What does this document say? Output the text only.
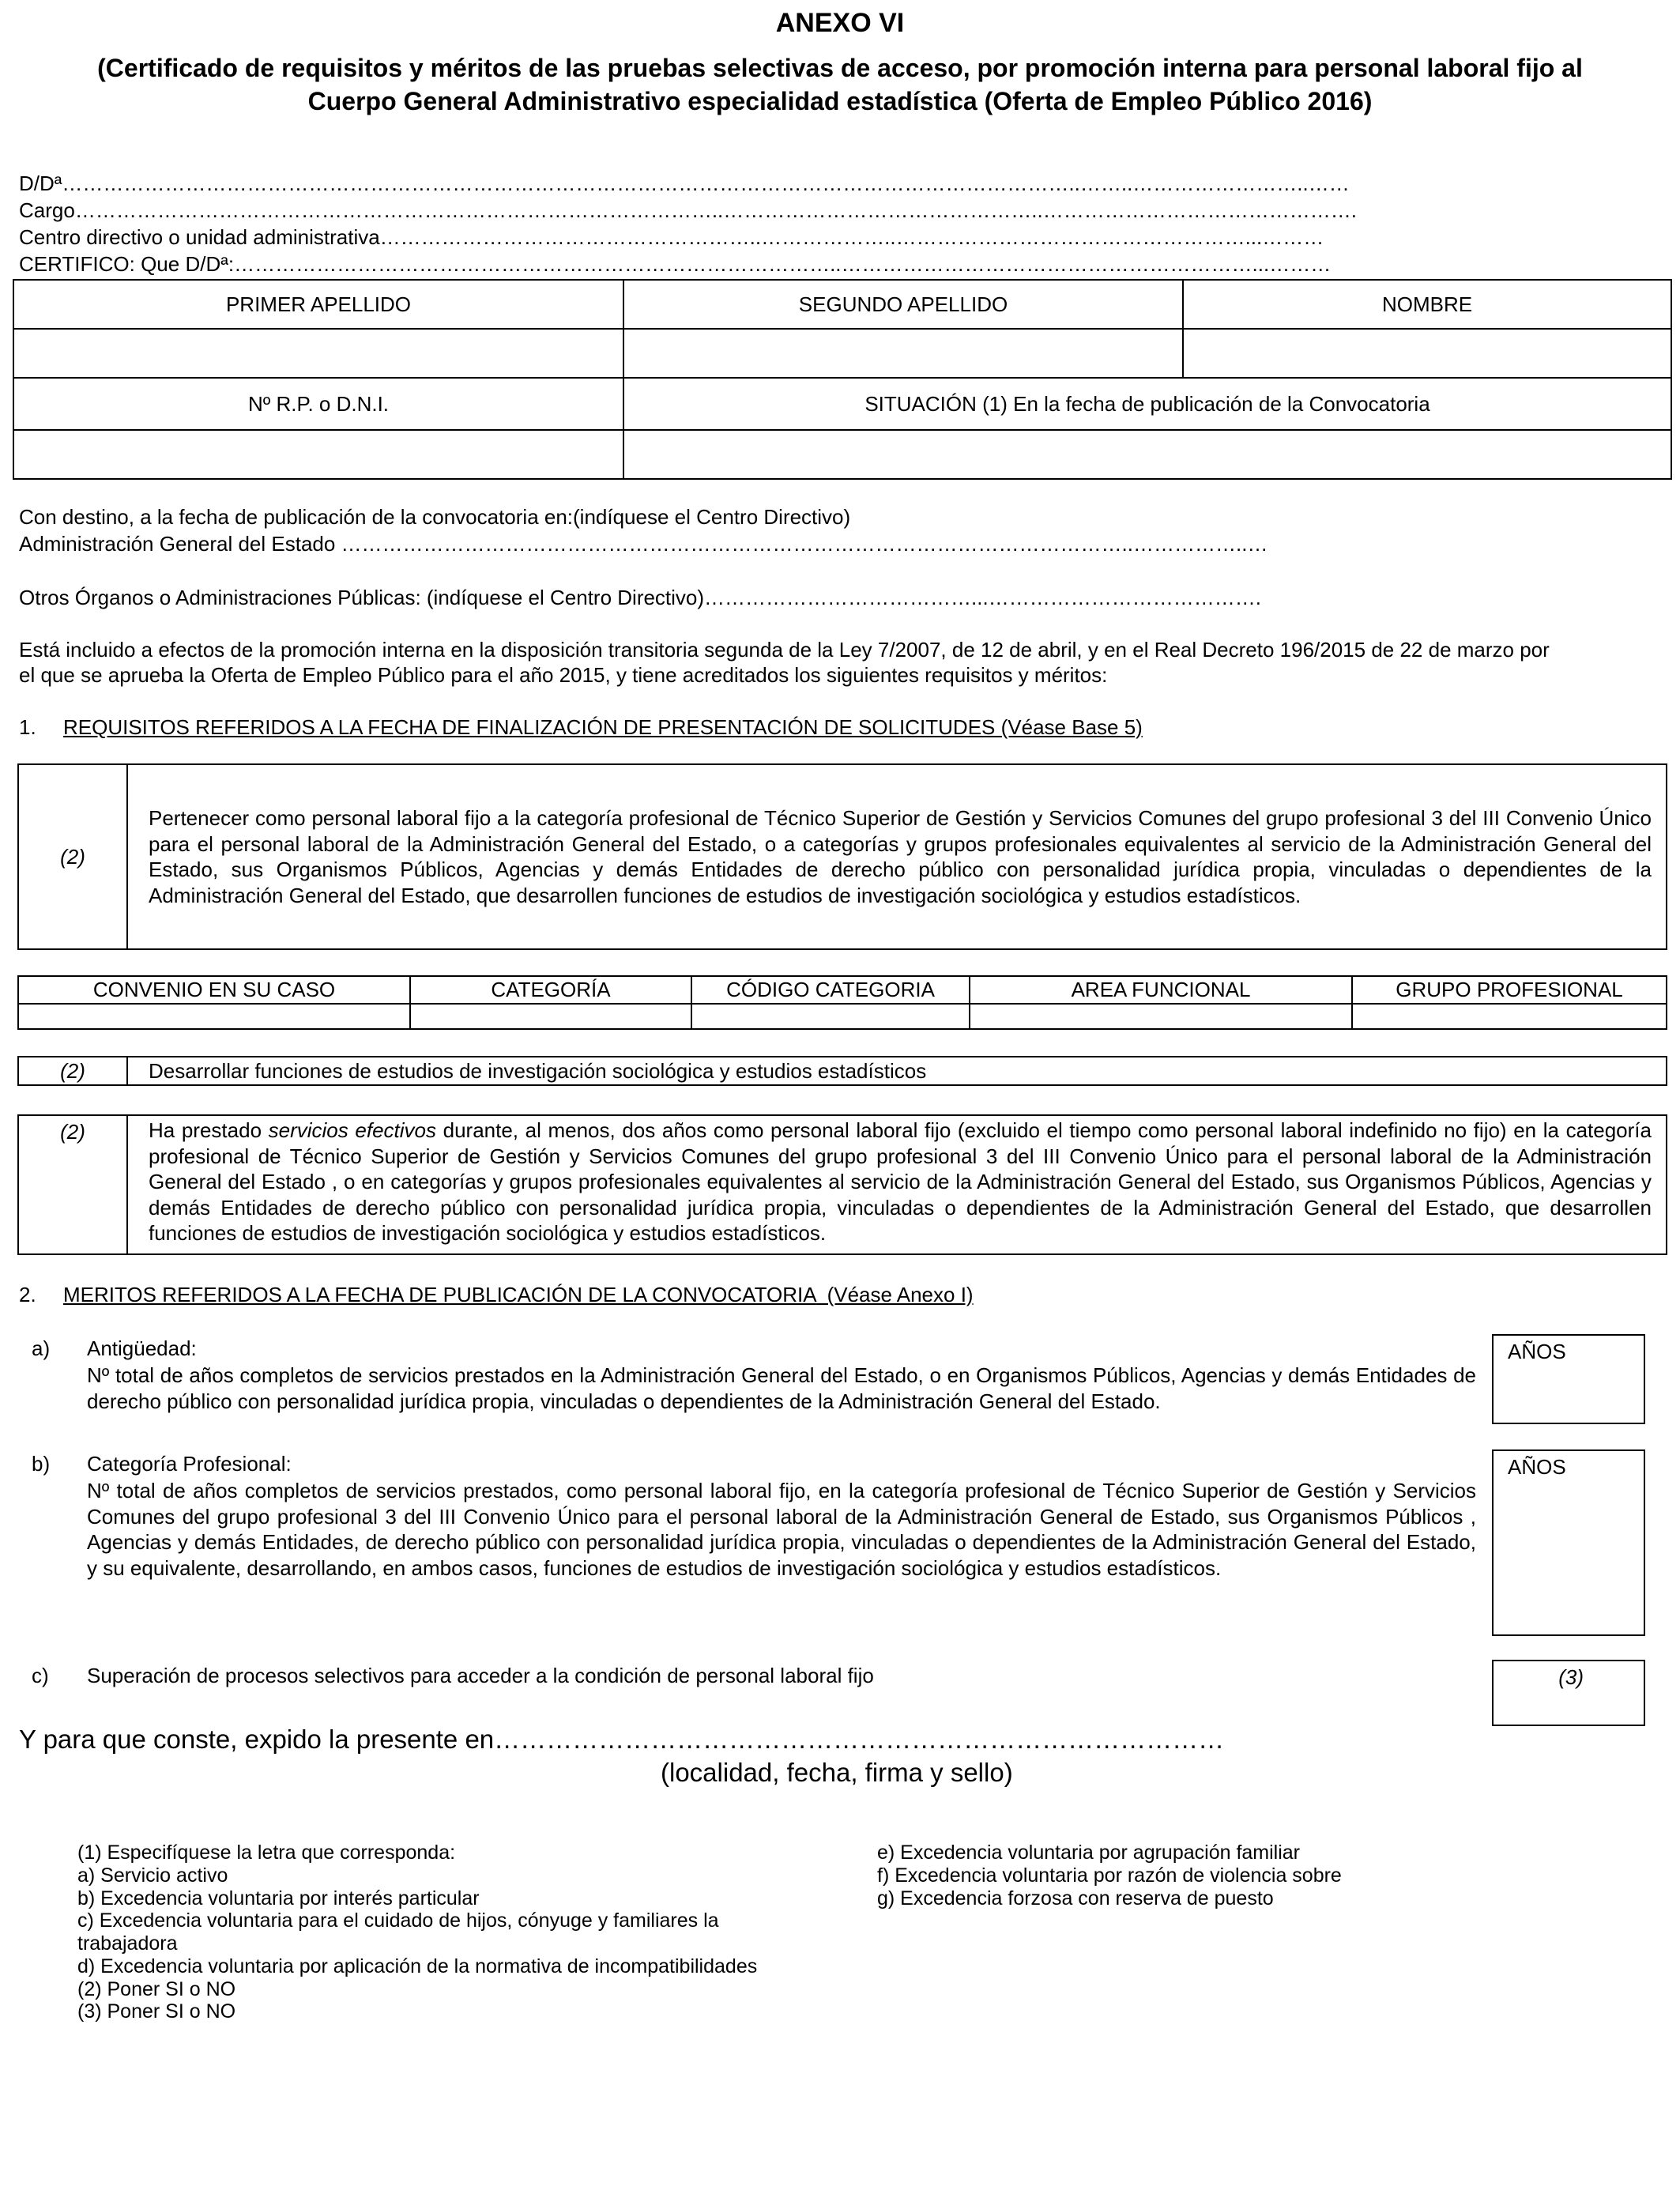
ANEXO VI
(Certificado de requisitos y méritos de las pruebas selectivas de acceso, por promoción interna para personal laboral fijo al
Cuerpo General Administrativo especialidad estadística (Oferta de Empleo Público 2016)
D/Dª…………………………………………………………………………………………………………………………………..……..……………………..……
Cargo…………………………………………………………………………………..………………………………………..……………………………………….
Centro directivo o unidad administrativa………………………………………………..………………..……………………………………………...………
CERTIFICO: Que D/Dª:……………………………………………………………………………..……………………………………………………...………
PRIMER APELLIDO	SEGUNDO APELLIDO	NOMBRE

Nº R.P. o D.N.I.	SITUACIÓN (1) En la fecha de publicación de la Convocatoria	

Con destino, a la fecha de publicación de la convocatoria en:(indíquese el Centro Directivo)
Administración General del Estado ……………………………………………………………………………………………………..……………..…
Otros Órganos o Administraciones Públicas: (indíquese el Centro Directivo)…………………………………...………………………………….
Está incluido a efectos de la promoción interna en la disposición transitoria segunda de la Ley 7/2007, de 12 de abril, y en el Real Decreto 196/2015 de 22 de marzo por
el que se aprueba la Oferta de Empleo Público para el año 2015, y tiene acreditados los siguientes requisitos y méritos:
1. REQUISITOS REFERIDOS A LA FECHA DE FINALIZACIÓN DE PRESENTACIÓN DE SOLICITUDES (Véase Base 5)
(2)	Pertenecer como personal laboral fijo a la categoría profesional de Técnico Superior de Gestión y Servicios Comunes del grupo profesional 3 del III Convenio Único para el personal laboral de la Administración General del Estado, o a categorías y grupos profesionales equivalentes al servicio de la Administración General del Estado, sus Organismos Públicos, Agencias y demás Entidades de derecho público con personalidad jurídica propia, vinculadas o dependientes de la Administración General del Estado, que desarrollen funciones de estudios de investigación sociológica y estudios estadísticos.
CONVENIO EN SU CASO	CATEGORÍA	CÓDIGO CATEGORIA	AREA FUNCIONAL	GRUPO PROFESIONAL

(2)	Desarrollar funciones de estudios de investigación sociológica y estudios estadísticos
(2)	Ha prestado servicios efectivos durante, al menos, dos años como personal laboral fijo (excluido el tiempo como personal laboral indefinido no fijo) en la categoría profesional de Técnico Superior de Gestión y Servicios Comunes del grupo profesional 3 del III Convenio Único para el personal laboral de la Administración General del Estado , o en categorías y grupos profesionales equivalentes al servicio de la Administración General del Estado, sus Organismos Públicos, Agencias y demás Entidades de derecho público con personalidad jurídica propia, vinculadas o dependientes de la Administración General del Estado, que desarrollen funciones de estudios de investigación sociológica y estudios estadísticos.
2. MERITOS REFERIDOS A LA FECHA DE PUBLICACIÓN DE LA CONVOCATORIA  (Véase Anexo I)
a) Antigüedad:
Nº total de años completos de servicios prestados en la Administración General del Estado, o en Organismos Públicos, Agencias y demás Entidades de derecho público con personalidad jurídica propia, vinculadas o dependientes de la Administración General del Estado.
AÑOS
b) Categoría Profesional:
Nº total de años completos de servicios prestados, como personal laboral fijo, en la categoría profesional de Técnico Superior de Gestión y Servicios Comunes del grupo profesional 3 del III Convenio Único para el personal laboral de la Administración General de Estado, sus Organismos Públicos , Agencias y demás Entidades, de derecho público con personalidad jurídica propia, vinculadas o dependientes de la Administración General del Estado, y su equivalente, desarrollando, en ambos casos, funciones de estudios de investigación sociológica y estudios estadísticos.
AÑOS
c) Superación de procesos selectivos para acceder a la condición de personal laboral fijo	(3)
Y para que conste, expido la presente en…………………………………………………………………………
(localidad, fecha, firma y sello)
(1) Especifíquese la letra que corresponda:
a) Servicio activo
b) Excedencia voluntaria por interés particular
c) Excedencia voluntaria para el cuidado de hijos, cónyuge y familiares la
trabajadora
d) Excedencia voluntaria por aplicación de la normativa de incompatibilidades
(2) Poner SI o NO
(3) Poner SI o NO
e) Excedencia voluntaria por agrupación familiar
f) Excedencia voluntaria por razón de violencia sobre
g) Excedencia forzosa con reserva de puesto
